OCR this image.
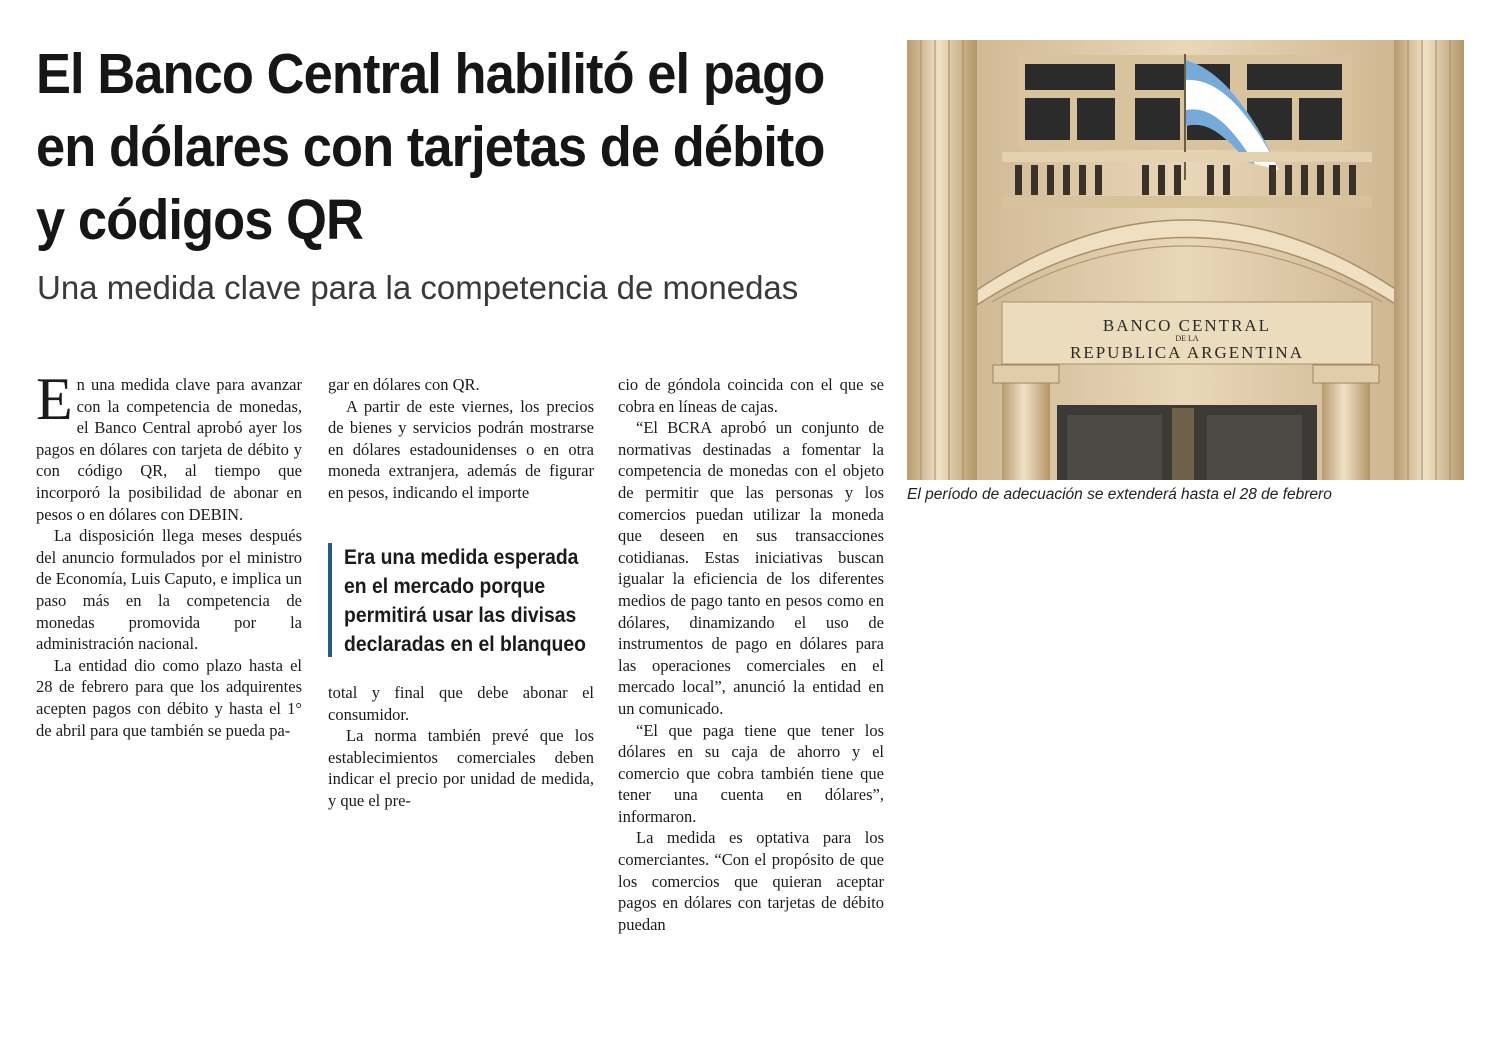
El Banco Central habilitó el pago en dólares con tarjetas de débito y códigos QR
Una medida clave para la competencia de monedas
BANCO CENTRAL
DE LA
REPUBLICA ARGENTINA

El período de adecuación se extenderá hasta el 28 de febrero

En una medida clave para avanzar con la competencia de monedas, el Banco Central aprobó ayer los pagos en dólares con tarjeta de débito y con código QR, al tiempo que incorporó la posibilidad de abonar en pesos o en dólares con DEBIN.

La disposición llega meses después del anuncio formulados por el ministro de Economía, Luis Caputo, e implica un paso más en la competencia de monedas promovida por la administración nacional.

La entidad dio como plazo hasta el 28 de febrero para que los adquirentes acepten pagos con débito y hasta el 1° de abril para que también se pueda pa-

gar en dólares con QR.

A partir de este viernes, los precios de bienes y servicios podrán mostrarse en dólares estadounidenses o en otra moneda extranjera, además de figurar en pesos, indicando el importe

Era una medida esperada
en el mercado porque
permitirá usar las divisas
declaradas en el blanqueo

total y final que debe abonar el consumidor.

La norma también prevé que los establecimientos comerciales deben indicar el precio por unidad de medida, y que el pre-

cio de góndola coincida con el que se cobra en líneas de cajas.

“El BCRA aprobó un conjunto de normativas destinadas a fomentar la competencia de monedas con el objeto de permitir que las personas y los comercios puedan utilizar la moneda que deseen en sus transacciones cotidianas. Estas iniciativas buscan igualar la eficiencia de los diferentes medios de pago tanto en pesos como en dólares, dinamizando el uso de instrumentos de pago en dólares para las operaciones comerciales en el mercado local”, anunció la entidad en un comunicado.

“El que paga tiene que tener los dólares en su caja de ahorro y el comercio que cobra también tiene que tener una cuenta en dólares”, informaron.

La medida es optativa para los comerciantes. “Con el propósito de que los comercios que quieran aceptar pagos en dólares con tarjetas de débito puedan
